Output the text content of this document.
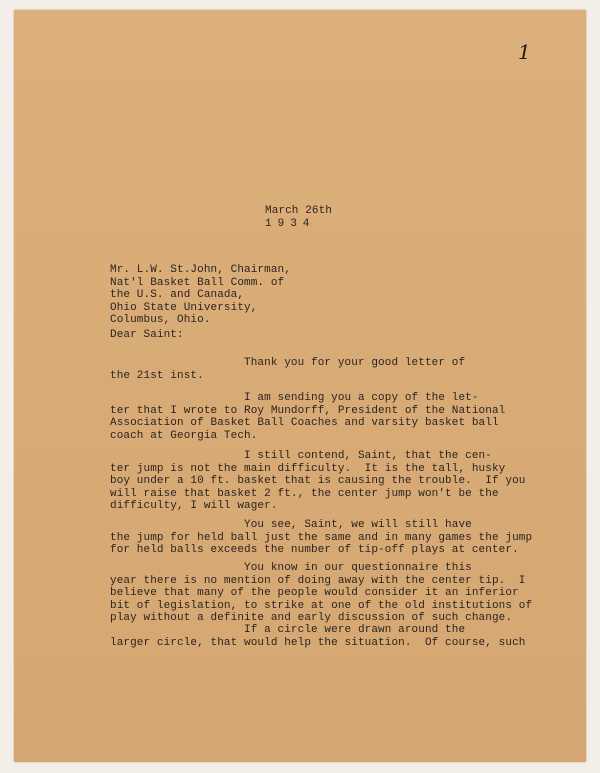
1
March 26th
1934
Mr. L.W. St.John, Chairman,
Nat'l Basket Ball Comm. of
the U.S. and Canada,
Ohio State University,
Columbus, Ohio.
Dear Saint:
Thank you for your good letter of
the 21st inst.
I am sending you a copy of the let-
ter that I wrote to Roy Mundorff, President of the National
Association of Basket Ball Coaches and varsity basket ball
coach at Georgia Tech.
I still contend, Saint, that the cen-
ter jump is not the main difficulty.  It is the tall, husky
boy under a 10 ft. basket that is causing the trouble.  If you
will raise that basket 2 ft., the center jump won't be the
difficulty, I will wager.
You see, Saint, we will still have
the jump for held ball just the same and in many games the jump
for held balls exceeds the number of tip-off plays at center.
You know in our questionnaire this
year there is no mention of doing away with the center tip.  I
believe that many of the people would consider it an inferior
bit of legislation, to strike at one of the old institutions of
play without a definite and early discussion of such change.
If a circle were drawn around the
larger circle, that would help the situation.  Of course, such
